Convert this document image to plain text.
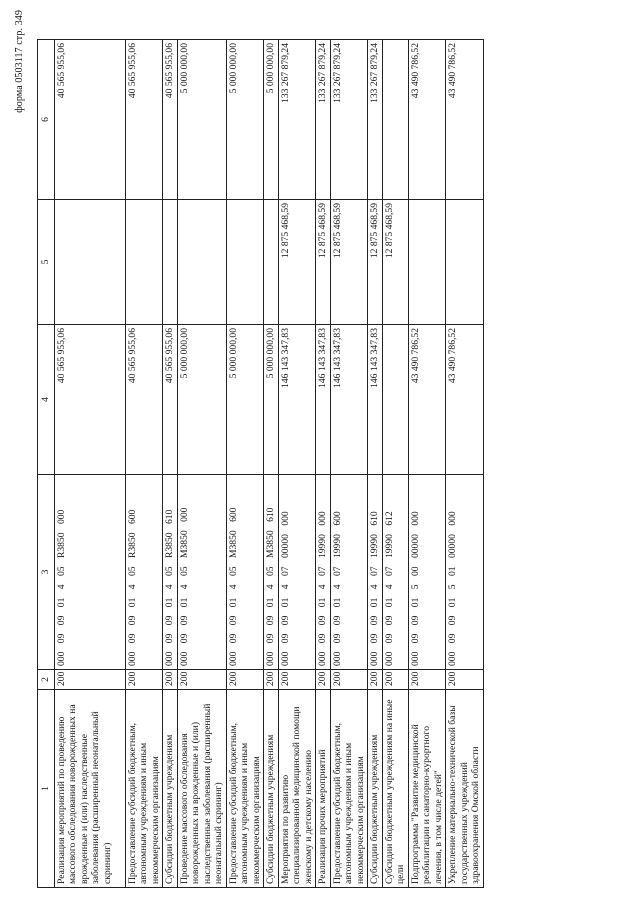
форма 0503117 стр. 349
1	2	3	4	5	6
Реализация мероприятий по проведению массового обследования новорожденных на врожденные и (или) наследственные заболевания (расширенный неонатальный скрининг)	200	000 09 09 01 4 05 R3850 000	40 565 955,06		40 565 955,06
Предоставление субсидий бюджетным, автономным учреждениям и иным некоммерческим организациям	200	000 09 09 01 4 05 R3850 600	40 565 955,06		40 565 955,06
Субсидии бюджетным учреждениям	200	000 09 09 01 4 05 R3850 610	40 565 955,06		40 565 955,06
Проведение массового обследования новорожденных на врожденные и (или) наследственные заболевания (расширенный неонатальный скрининг)	200	000 09 09 01 4 05 M3850 000	5 000 000,00		5 000 000,00
Предоставление субсидий бюджетным, автономным учреждениям и иным некоммерческим организациям	200	000 09 09 01 4 05 M3850 600	5 000 000,00		5 000 000,00
Субсидии бюджетным учреждениям	200	000 09 09 01 4 05 M3850 610	5 000 000,00		5 000 000,00
Мероприятия по развитию специализированной медицинской помощи женскому и детскому населению	200	000 09 09 01 4 07 00000 000	146 143 347,83	12 875 468,59	133 267 879,24
Реализация прочих мероприятий	200	000 09 09 01 4 07 19990 000	146 143 347,83	12 875 468,59	133 267 879,24
Предоставление субсидий бюджетным, автономным учреждениям и иным некоммерческим организациям	200	000 09 09 01 4 07 19990 600	146 143 347,83	12 875 468,59	133 267 879,24
Субсидии бюджетным учреждениям	200	000 09 09 01 4 07 19990 610	146 143 347,83	12 875 468,59	133 267 879,24
Субсидии бюджетным учреждениям на иные цели	200	000 09 09 01 4 07 19990 612		12 875 468,59	
Подпрограмма "Развитие медицинской реабилитации и санаторно-курортного лечения, в том числе детей"	200	000 09 09 01 5 00 00000 000	43 490 786,52		43 490 786,52
Укрепление материально-технической базы государственных учреждений здравоохранения Омской области	200	000 09 09 01 5 01 00000 000	43 490 786,52		43 490 786,52
